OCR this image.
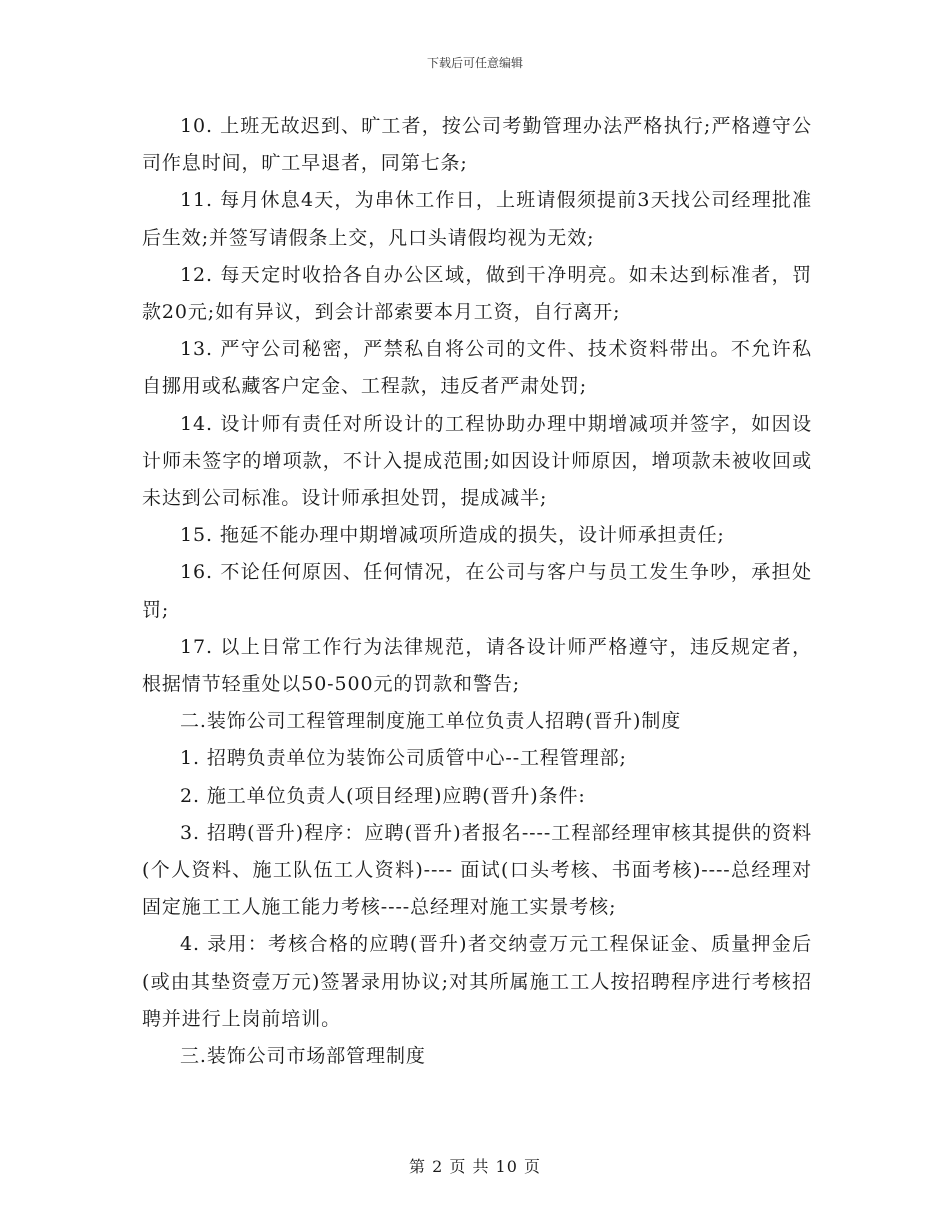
下载后可任意编辑

10. 上班无故迟到、旷工者，按公司考勤管理办法严格执行;严格遵守公司作息时间，旷工早退者，同第七条;

11. 每月休息4天，为串休工作日，上班请假须提前3天找公司经理批准后生效;并签写请假条上交，凡口头请假均视为无效;

12. 每天定时收拾各自办公区域，做到干净明亮。如未达到标准者，罚款20元;如有异议，到会计部索要本月工资，自行离开;

13. 严守公司秘密，严禁私自将公司的文件、技术资料带出。不允许私自挪用或私藏客户定金、工程款，违反者严肃处罚;

14. 设计师有责任对所设计的工程协助办理中期增减项并签字，如因设计师未签字的增项款，不计入提成范围;如因设计师原因，增项款未被收回或未达到公司标准。设计师承担处罚，提成减半;

15. 拖延不能办理中期增减项所造成的损失，设计师承担责任;

16. 不论任何原因、任何情况，在公司与客户与员工发生争吵，承担处罚;

17. 以上日常工作行为法律规范，请各设计师严格遵守，违反规定者，根据情节轻重处以50-500元的罚款和警告;

二.装饰公司工程管理制度施工单位负责人招聘(晋升)制度

1. 招聘负责单位为装饰公司质管中心--工程管理部;

2. 施工单位负责人(项目经理)应聘(晋升)条件:

3. 招聘(晋升)程序：应聘(晋升)者报名----工程部经理审核其提供的资料(个人资料、施工队伍工人资料)---- 面试(口头考核、书面考核)----总经理对固定施工工人施工能力考核----总经理对施工实景考核;

4. 录用：考核合格的应聘(晋升)者交纳壹万元工程保证金、质量押金后(或由其垫资壹万元)签署录用协议;对其所属施工工人按招聘程序进行考核招聘并进行上岗前培训。

三.装饰公司市场部管理制度

第 2 页 共 10 页
